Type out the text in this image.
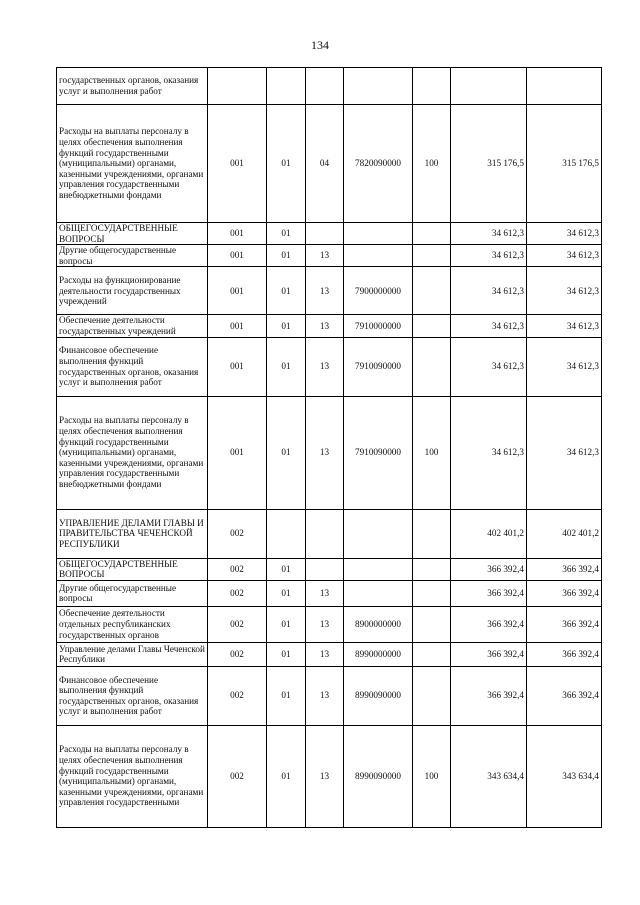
134
государственных органов, оказания услуг и выполнения работ							
Расходы на выплаты персоналу в целях обеспечения выполнения функций государственными (муниципальными) органами, казенными учреждениями, органами управления государственными внебюджетными фондами	001	01	04	7820090000	100	315 176,5	315 176,5
ОБЩЕГОСУДАРСТВЕННЫЕ ВОПРОСЫ	001	01				34 612,3	34 612,3
Другие общегосударственные вопросы	001	01	13			34 612,3	34 612,3
Расходы на функционирование деятельности государственных учреждений	001	01	13	7900000000		34 612,3	34 612,3
Обеспечение деятельности государственных учреждений	001	01	13	7910000000		34 612,3	34 612,3
Финансовое обеспечение выполнения функций государственных органов, оказания услуг и выполнения работ	001	01	13	7910090000		34 612,3	34 612,3
Расходы на выплаты персоналу в целях обеспечения выполнения функций государственными (муниципальными) органами, казенными учреждениями, органами управления государственными внебюджетными фондами	001	01	13	7910090000	100	34 612,3	34 612,3
УПРАВЛЕНИЕ ДЕЛАМИ ГЛАВЫ И ПРАВИТЕЛЬСТВА ЧЕЧЕНСКОЙ РЕСПУБЛИКИ	002					402 401,2	402 401,2
ОБЩЕГОСУДАРСТВЕННЫЕ ВОПРОСЫ	002	01				366 392,4	366 392,4
Другие общегосударственные вопросы	002	01	13			366 392,4	366 392,4
Обеспечение деятельности отдельных республиканских государственных органов	002	01	13	8900000000		366 392,4	366 392,4
Управление делами Главы Чеченской Республики	002	01	13	8990000000		366 392,4	366 392,4
Финансовое обеспечение выполнения функций государственных органов, оказания услуг и выполнения работ	002	01	13	8990090000		366 392,4	366 392,4
Расходы на выплаты персоналу в целях обеспечения выполнения функций государственными (муниципальными) органами, казенными учреждениями, органами управления государственными	002	01	13	8990090000	100	343 634,4	343 634,4
